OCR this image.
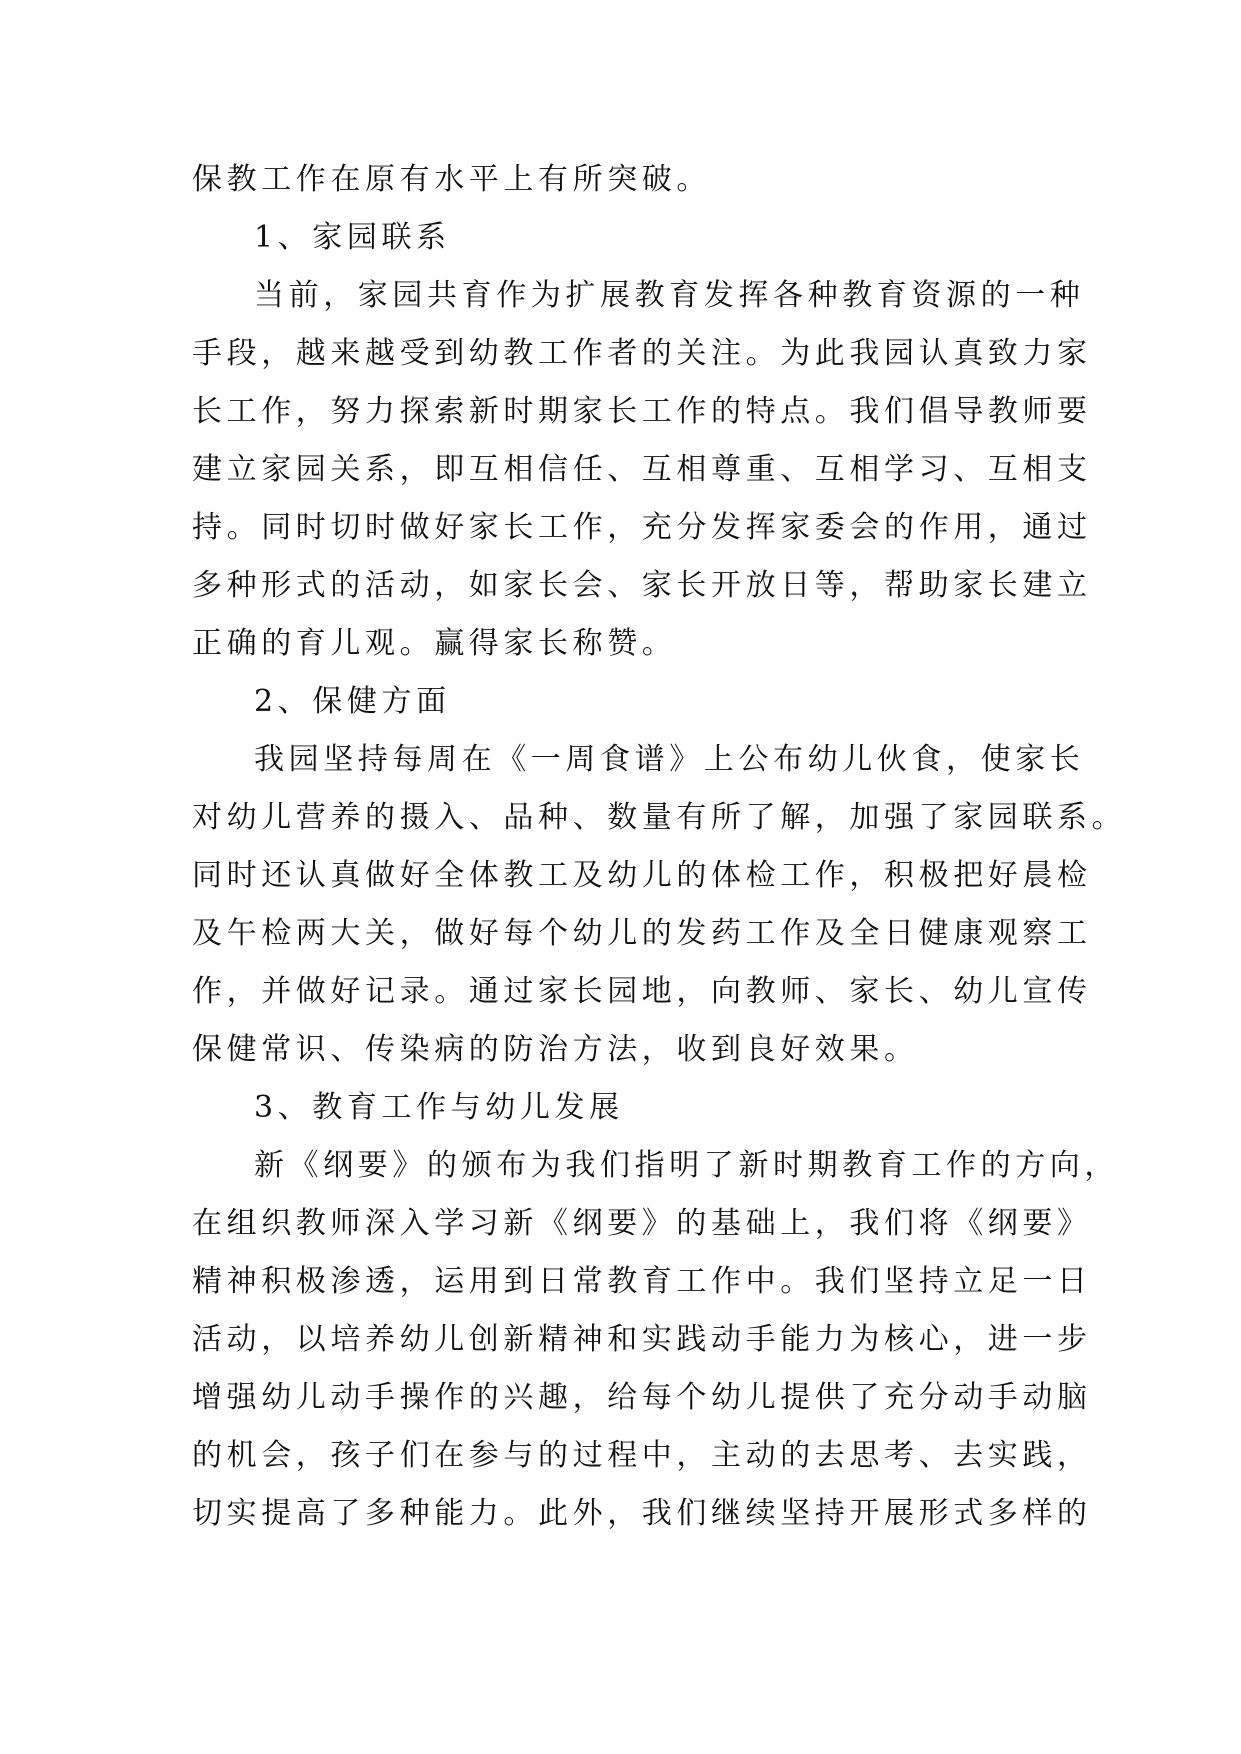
保教工作在原有水平上有所突破。
1、家园联系
当前，家园共育作为扩展教育发挥各种教育资源的一种
手段，越来越受到幼教工作者的关注。为此我园认真致力家
长工作，努力探索新时期家长工作的特点。我们倡导教师要
建立家园关系，即互相信任、互相尊重、互相学习、互相支
持。同时切时做好家长工作，充分发挥家委会的作用，通过
多种形式的活动，如家长会、家长开放日等，帮助家长建立
正确的育儿观。赢得家长称赞。
2、保健方面
我园坚持每周在《一周食谱》上公布幼儿伙食，使家长
对幼儿营养的摄入、品种、数量有所了解，加强了家园联系。
同时还认真做好全体教工及幼儿的体检工作，积极把好晨检
及午检两大关，做好每个幼儿的发药工作及全日健康观察工
作，并做好记录。通过家长园地，向教师、家长、幼儿宣传
保健常识、传染病的防治方法，收到良好效果。
3、教育工作与幼儿发展
新《纲要》的颁布为我们指明了新时期教育工作的方向，
在组织教师深入学习新《纲要》的基础上，我们将《纲要》
精神积极渗透，运用到日常教育工作中。我们坚持立足一日
活动，以培养幼儿创新精神和实践动手能力为核心，进一步
增强幼儿动手操作的兴趣，给每个幼儿提供了充分动手动脑
的机会，孩子们在参与的过程中，主动的去思考、去实践，
切实提高了多种能力。此外，我们继续坚持开展形式多样的
